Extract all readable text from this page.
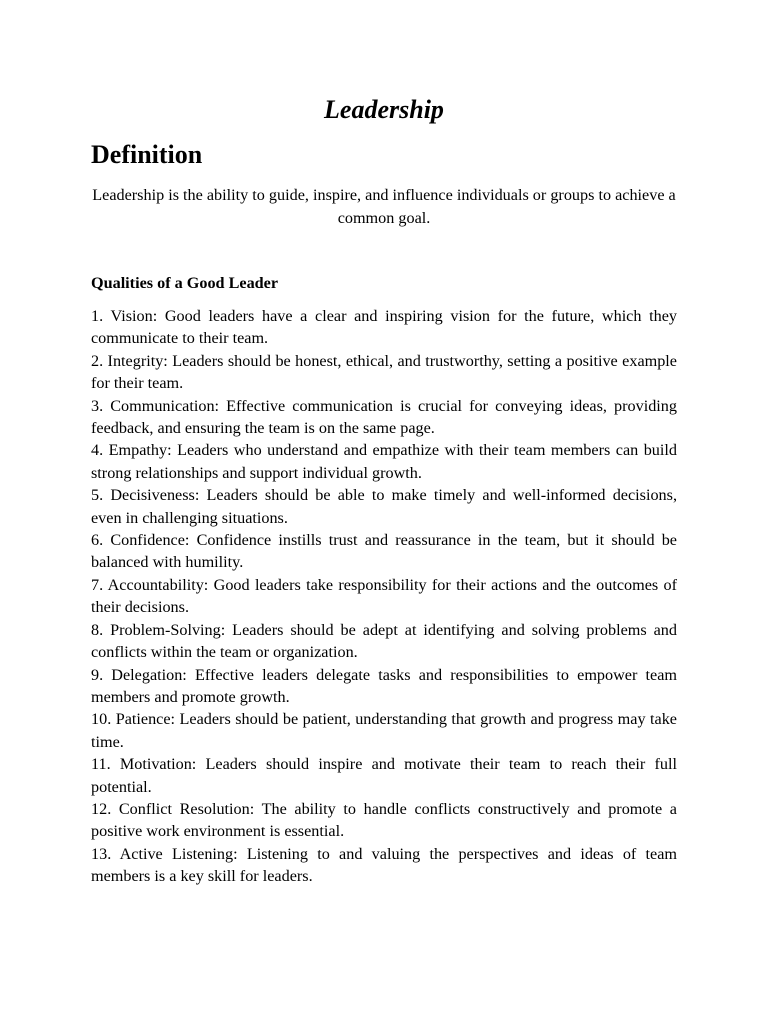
Leadership
Definition

Leadership is the ability to guide, inspire, and influence individuals or groups to achieve a common goal.

Qualities of a Good Leader
1. Vision: Good leaders have a clear and inspiring vision for the future, which they communicate to their team.
2. Integrity: Leaders should be honest, ethical, and trustworthy, setting a positive example for their team.
3. Communication: Effective communication is crucial for conveying ideas, providing feedback, and ensuring the team is on the same page.
4. Empathy: Leaders who understand and empathize with their team members can build strong relationships and support individual growth.
5. Decisiveness: Leaders should be able to make timely and well-informed decisions, even in challenging situations.
6. Confidence: Confidence instills trust and reassurance in the team, but it should be balanced with humility.
7. Accountability: Good leaders take responsibility for their actions and the outcomes of their decisions.
8. Problem-Solving: Leaders should be adept at identifying and solving problems and conflicts within the team or organization.
9. Delegation: Effective leaders delegate tasks and responsibilities to empower team members and promote growth.
10. Patience: Leaders should be patient, understanding that growth and progress may take time.
11. Motivation: Leaders should inspire and motivate their team to reach their full potential.
12. Conflict Resolution: The ability to handle conflicts constructively and promote a positive work environment is essential.
13. Active Listening: Listening to and valuing the perspectives and ideas of team members is a key skill for leaders.
